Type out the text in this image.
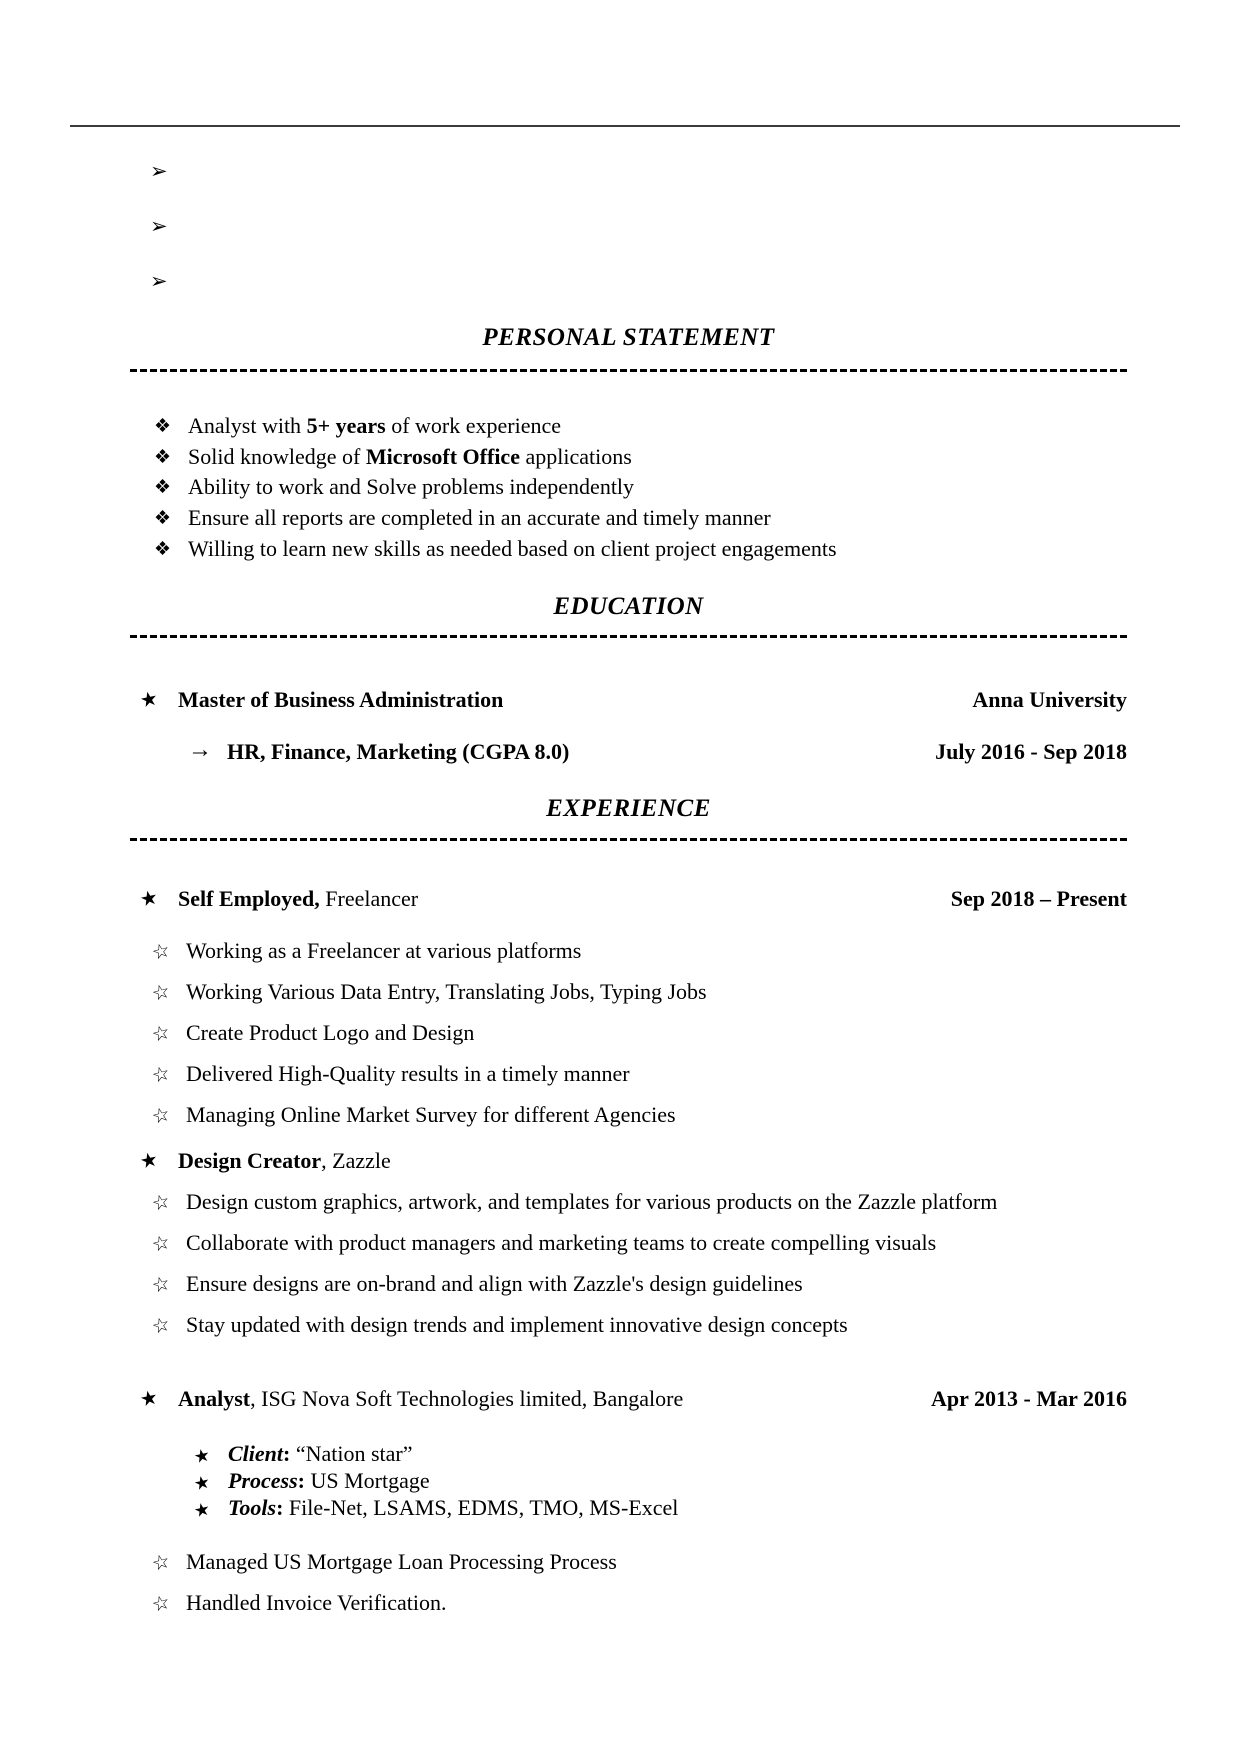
➢
➢
➢
PERSONAL STATEMENT
❖ Analyst with 5+ years of work experience
❖ Solid knowledge of Microsoft Office applications
❖ Ability to work and Solve problems independently
❖ Ensure all reports are completed in an accurate and timely manner
❖ Willing to learn new skills as needed based on client project engagements
EDUCATION
★ Master of Business Administration	Anna University
→ HR, Finance, Marketing (CGPA 8.0)	July 2016 - Sep 2018
EXPERIENCE
★ Self Employed, Freelancer	Sep 2018 – Present
☆ Working as a Freelancer at various platforms
☆ Working Various Data Entry, Translating Jobs, Typing Jobs
☆ Create Product Logo and Design
☆ Delivered High-Quality results in a timely manner
☆ Managing Online Market Survey for different Agencies
★ Design Creator, Zazzle
☆ Design custom graphics, artwork, and templates for various products on the Zazzle platform
☆ Collaborate with product managers and marketing teams to create compelling visuals
☆ Ensure designs are on-brand and align with Zazzle's design guidelines
☆ Stay updated with design trends and implement innovative design concepts
★ Analyst, ISG Nova Soft Technologies limited, Bangalore	Apr 2013 - Mar 2016
★ Client: “Nation star”
★ Process: US Mortgage
★ Tools: File-Net, LSAMS, EDMS, TMO, MS-Excel
☆ Managed US Mortgage Loan Processing Process
☆ Handled Invoice Verification.
